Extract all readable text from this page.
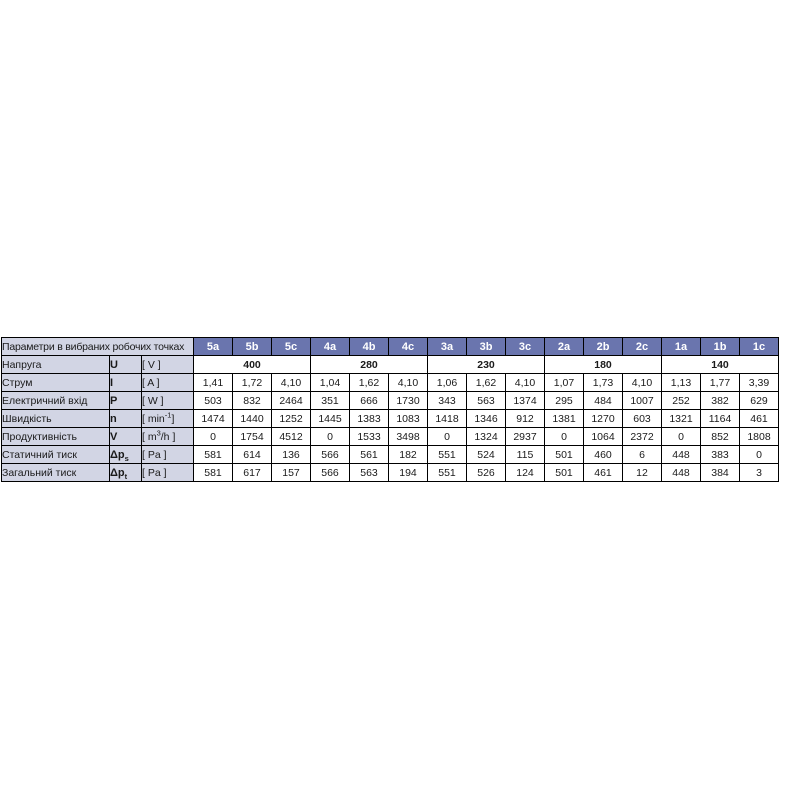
Параметри в вибраних робочих точках			5a	5b	5c	4a	4b	4c	3a	3b	3c	2a	2b	2c	1a	1b	1c
Напруга	U	[ V ]	400			280			230			180			140		
Струм	I	[ A ]	1,41	1,72	4,10	1,04	1,62	4,10	1,06	1,62	4,10	1,07	1,73	4,10	1,13	1,77	3,39
Електричний вхід	P	[ W ]	503	832	2464	351	666	1730	343	563	1374	295	484	1007	252	382	629
Швидкість	n	[ $\min^{-1}$]	1474	1440	1252	1445	1383	1083	1418	1346	912	1381	1270	603	1321	1164	461
Продуктивність	V	[ $m^3/h$ ]	0	1754	4512	0	1533	3498	0	1324	2937	0	1064	2372	0	852	1808
Статичний тиск	$\Delta p_s$	[ Pa ]	581	614	136	566	561	182	551	524	115	501	460	6	448	383	0
Загальний тиск	$\Delta p_t$	[ Pa ]	581	617	157	566	563	194	551	526	124	501	461	12	448	384	3
